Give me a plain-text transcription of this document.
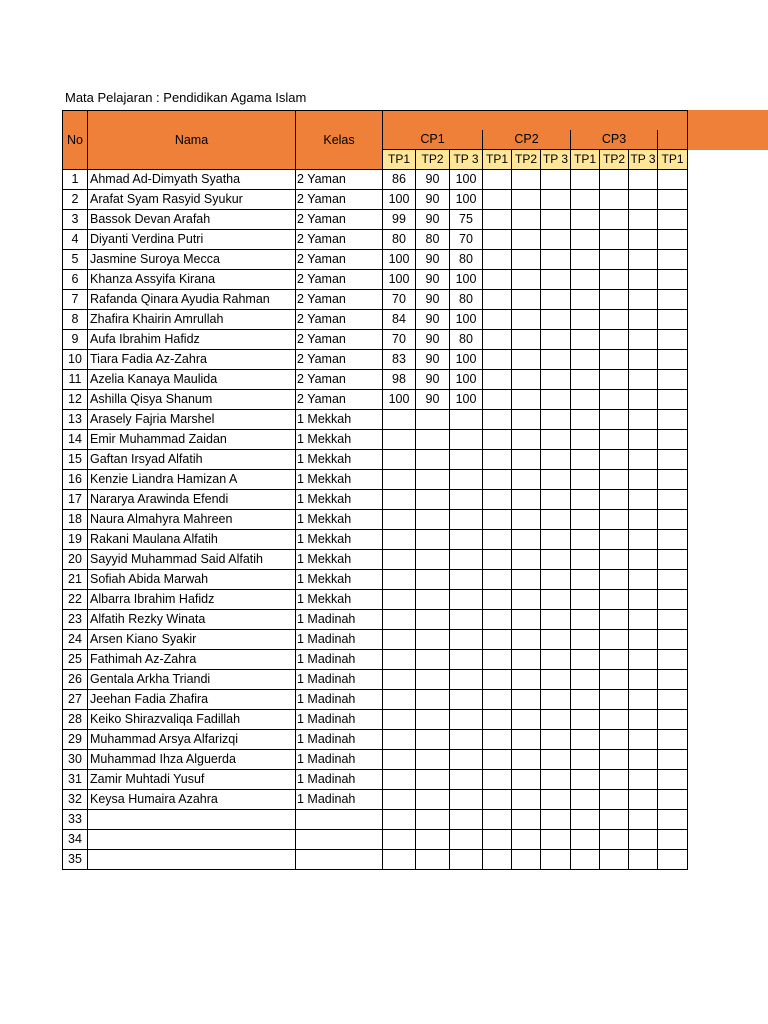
Mata Pelajaran : Pendidikan Agama Islam
No	Nama	Kelas										
			CP1			CP2			CP3			
			TP1	TP2	TP 3	TP1	TP2	TP 3	TP1	TP2	TP 3	TP1
1	Ahmad Ad-Dimyath Syatha	2 Yaman	86	90	100							
2	Arafat Syam Rasyid Syukur	2 Yaman	100	90	100							
3	Bassok Devan Arafah	2 Yaman	99	90	75							
4	Diyanti Verdina Putri	2 Yaman	80	80	70							
5	Jasmine Suroya Mecca	2 Yaman	100	90	80							
6	Khanza Assyifa Kirana	2 Yaman	100	90	100							
7	Rafanda Qinara Ayudia Rahman	2 Yaman	70	90	80							
8	Zhafira Khairin Amrullah	2 Yaman	84	90	100							
9	Aufa Ibrahim Hafidz	2 Yaman	70	90	80							
10	Tiara Fadia Az-Zahra	2 Yaman	83	90	100							
11	Azelia Kanaya Maulida	2 Yaman	98	90	100							
12	Ashilla Qisya Shanum	2 Yaman	100	90	100							
13	Arasely Fajria Marshel	1 Mekkah										
14	Emir Muhammad Zaidan	1 Mekkah										
15	Gaftan Irsyad Alfatih	1 Mekkah										
16	Kenzie Liandra Hamizan A	1 Mekkah										
17	Nararya Arawinda Efendi	1 Mekkah										
18	Naura Almahyra Mahreen	1 Mekkah										
19	Rakani Maulana Alfatih	1 Mekkah										
20	Sayyid Muhammad Said Alfatih	1 Mekkah										
21	Sofiah Abida Marwah	1 Mekkah										
22	Albarra Ibrahim Hafidz	1 Mekkah										
23	Alfatih Rezky Winata	1 Madinah										
24	Arsen Kiano Syakir	1 Madinah										
25	Fathimah Az-Zahra	1 Madinah										
26	Gentala Arkha Triandi	1 Madinah										
27	Jeehan Fadia Zhafira	1 Madinah										
28	Keiko Shirazvaliqa Fadillah	1 Madinah										
29	Muhammad Arsya Alfarizqi	1 Madinah										
30	Muhammad Ihza Alguerda	1 Madinah										
31	Zamir Muhtadi Yusuf	1 Madinah										
32	Keysa Humaira Azahra	1 Madinah										
33												
34												
35												
